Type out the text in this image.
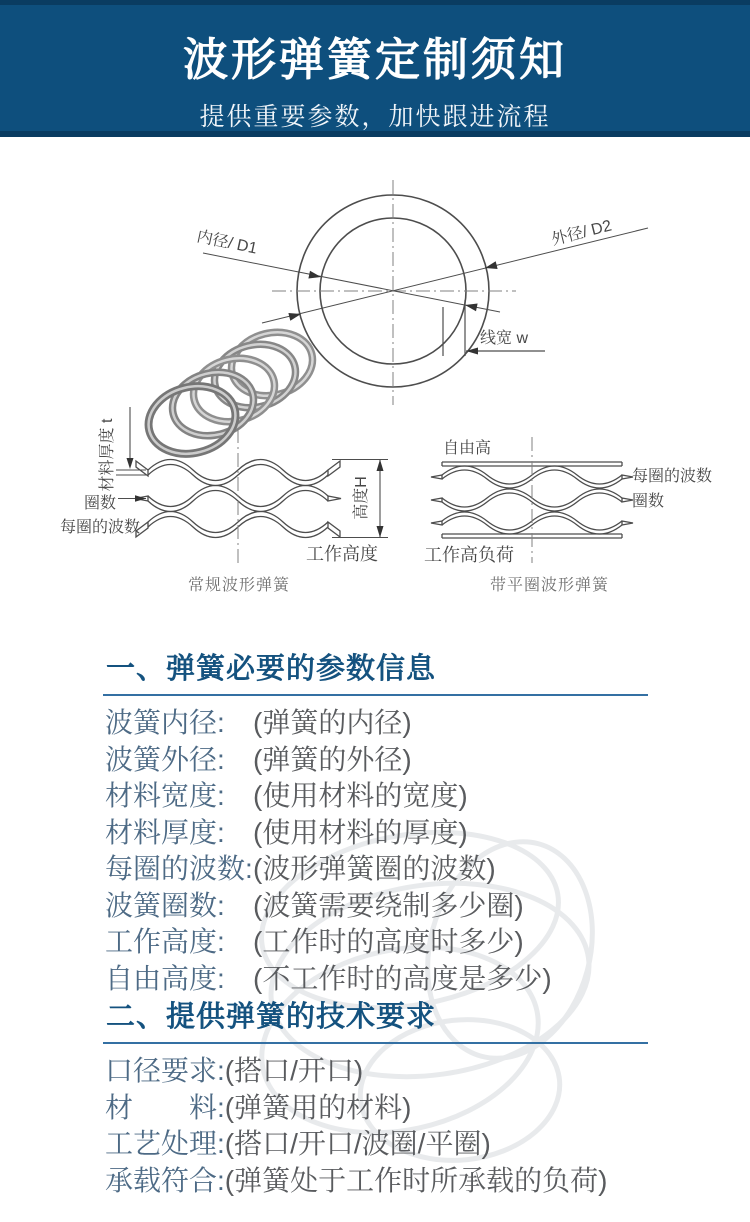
波形弹簧定制须知

提供重要参数，加快跟进流程

内径/ D1	外径/ D2
线宽 w
材料厚度 t
圈数
每圈的波数
高度H
工作高度
常规波形弹簧
自由高
每圈的波数
圈数
工作高负荷
带平圈波形弹簧
一、弹簧必要的参数信息
波簧内径:	(弹簧的内径)
波簧外径:	(弹簧的外径)
材料宽度:	(使用材料的宽度)
材料厚度:	(使用材料的厚度)
每圈的波数: (波形弹簧圈的波数)
波簧圈数:	(波簧需要绕制多少圈)
工作高度:	(工作时的高度时多少)
自由高度:	(不工作时的高度是多少)
二、提供弹簧的技术要求
口径要求: (搭口/开口)
材　　料: (弹簧用的材料)
工艺处理: (搭口/开口/波圈/平圈)
承载符合: (弹簧处于工作时所承载的负荷)
